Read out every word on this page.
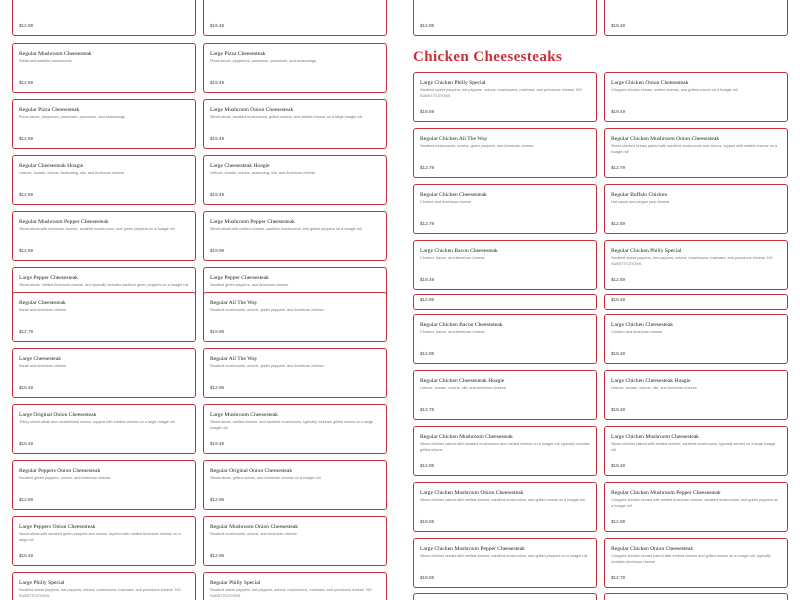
Chicken Cheesesteaks
$12.89
Regular Mushroom Cheesesteak
Steak and sautéed mushrooms
$12.89
Regular Pizza Cheesesteak
Pizza sauce, pepperoni, parmesan, provolone, and seasonings
$12.89
Regular Cheesesteak Hoagie
Lettuce, tomato, onions, seasoning, oils, and American cheese
$12.89
Regular Mushroom Pepper Cheesesteak
Sliced steak with American cheese, sautéed mushrooms, and green peppers on a hoagie roll
$12.89
Large Pepper Cheesesteak
Sliced steak, melted American cheese, and typically includes sautéed green peppers on a hoagie roll
$19.49
Large Pizza Cheesesteak
Pizza sauce, pepperoni, parmesan, provolone, and seasonings
$19.49
Large Mushroom Onion Cheesesteak
Sliced steak, sautéed mushrooms, grilled onions, and melted cheese on a large hoagie roll
$19.49
Large Cheesesteak Hoagie
Lettuce, tomato, onions, seasoning, oils, and American cheese
$19.49
Large Mushroom Pepper Cheesesteak
Sliced steak with melted cheese, sautéed mushrooms, and grilled peppers on a hoagie roll
$19.99
Large Pepper Cheesesteak
Sautéed green peppers, and American cheese
Regular Cheesesteak
Steak and American cheese
$12.79
Large Cheesesteak
Steak and American cheese
$19.49
Large Original Onion Cheesesteak
Thinly sliced steak and caramelized onions, topped with melted cheese on a large hoagie roll
$19.49
Regular Peppers Onion Cheesesteak
Sautéed green peppers, onions, and American cheese
$12.89
Large Peppers Onion Cheesesteak
Sliced steak with sautéed green peppers and onions, layered with melted American cheese on a large roll
$19.49
Large Philly Special
Sautéed sweet peppers, hot peppers, onions, mushrooms, marinara, and provolone cheese. NO SUBSTITUTIONS
Regular All The Way
Sautéed mushrooms, onions, green peppers, and American cheese
$19.99
Regular All The Way
Sautéed mushrooms, onions, green peppers, and American cheese
$12.89
Large Mushroom Cheesesteak
Sliced steak, melted cheese, and sautéed mushrooms, typically includes grilled onions on a large hoagie roll
$19.49
Regular Original Onion Cheesesteak
Sliced steak, grilled onions, and American cheese on a hoagie roll
$12.89
Regular Mushroom Onion Cheesesteak
Sautéed mushrooms, onions, and American cheese
$12.89
Regular Philly Special
Sautéed sweet peppers, hot peppers, onions, mushrooms, marinara, and provolone cheese. NO SUBSTITUTIONS
$12.89
Large Chicken Philly Special
Sautéed sweet peppers, hot peppers, onions, mushrooms, marinara, and provolone cheese. NO SUBSTITUTIONS
$19.59
Regular Chicken All The Way
Sautéed mushrooms, onions, green peppers, and American cheese
$12.79
Regular Chicken Cheesesteak
Chicken and American cheese
$12.79
Large Chicken Bacon Cheesesteak
Chicken, bacon, and American cheese
$19.49
$19.49
Large Chicken Onion Cheesesteak
Chopped chicken breast, melted cheese, and grilled onions on a hoagie roll
$19.49
Regular Chicken Mushroom Onion Cheesesteak
Sliced chicken breast paired with sautéed mushrooms and onions, topped with melted cheese on a hoagie roll
$12.79
Regular Buffalo Chicken
Hot sauce and pepper jack cheese
$12.89
Regular Chicken Philly Special
Sautéed sweet peppers, hot peppers, onions, mushrooms, marinara, and provolone cheese. NO SUBSTITUTIONS
$12.89
$12.89
Regular Chicken Bacon Cheesesteak
Chicken, bacon, and American cheese
$12.89
Regular Chicken Cheesesteak Hoagie
Lettuce, tomato, onions, oils, and American cheese
$12.79
Regular Chicken Mushroom Cheesesteak
Sliced chicken paired with sautéed mushrooms and melted cheese on a hoagie roll, typically includes grilled onions
$12.89
Large Chicken Mushroom Onion Cheesesteak
Sliced chicken paired with melted cheese, sautéed mushrooms, and grilled onions on a hoagie roll
$19.59
Large Chicken Mushroom Pepper Cheesesteak
Sliced chicken breast with melted cheese, sautéed mushrooms, and grilled peppers on a hoagie roll
$19.59
$19.49
Large Chicken Cheesesteak
Chicken and American cheese
$19.49
Large Chicken Cheesesteak Hoagie
Lettuce, tomato, onions, oils, and American cheese
$19.49
Large Chicken Mushroom Cheesesteak
Sliced chicken paired with melted cheese, sautéed mushrooms, typically served on a large hoagie roll
$19.49
Regular Chicken Mushroom Pepper Cheesesteak
Chopped chicken breast with melted American cheese, sautéed mushrooms, and green peppers on a hoagie roll
$12.89
Regular Chicken Onion Cheesesteak
Chopped chicken breast paired with melted cheese and grilled onions on a hoagie roll, typically includes American cheese
$12.79
